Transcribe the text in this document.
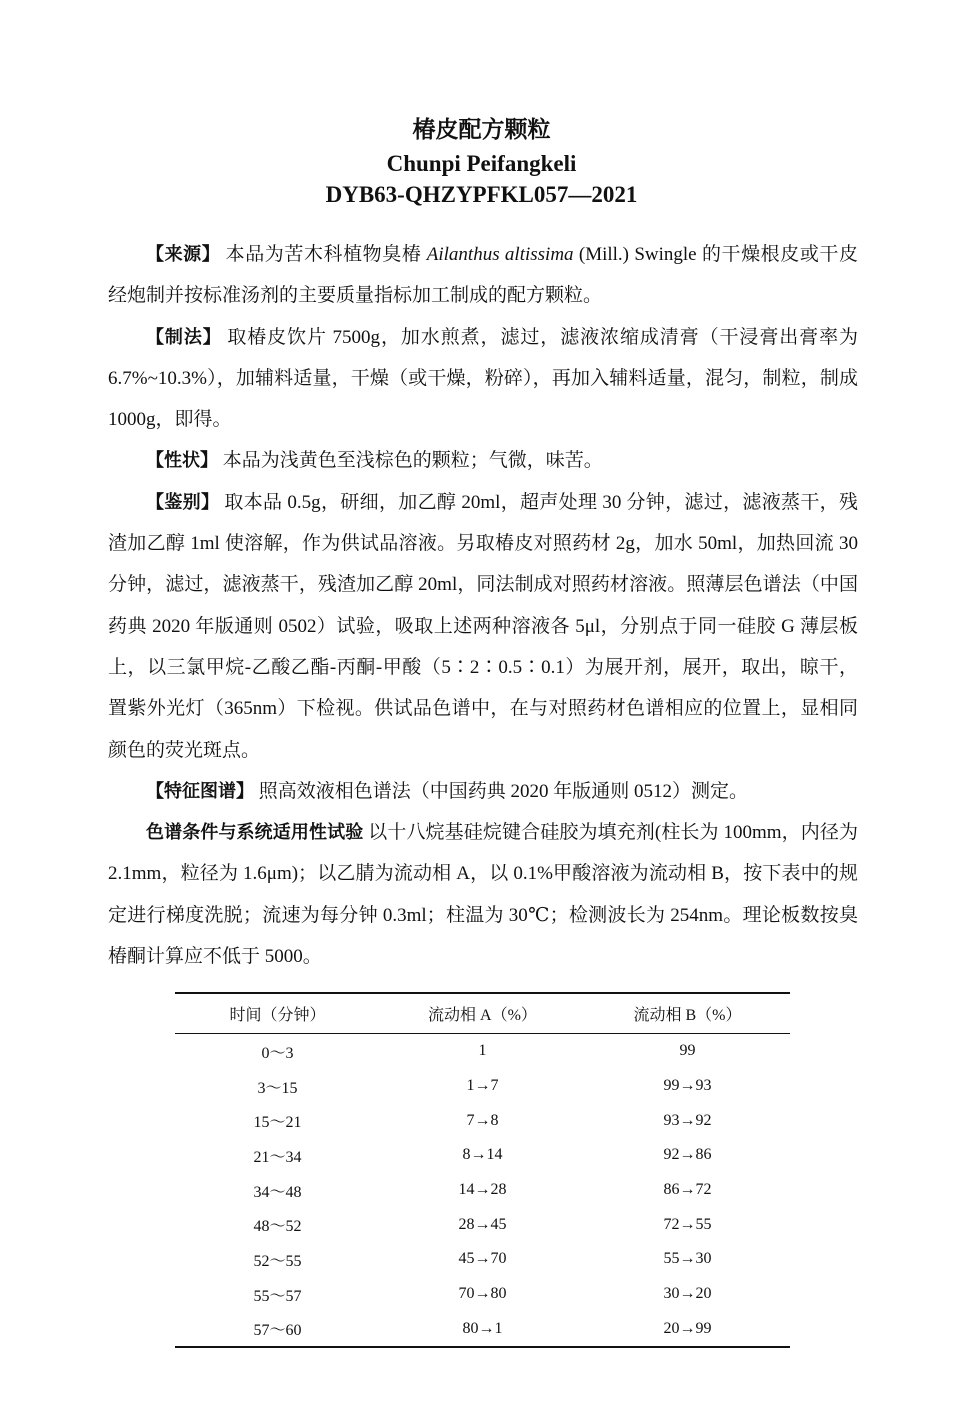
椿皮配方颗粒
Chunpi Peifangkeli
DYB63-QHZYPFKL057—2021

【来源】 本品为苦木科植物臭椿 Ailanthus altissima (Mill.) Swingle 的干燥根皮或干皮经炮制并按标准汤剂的主要质量指标加工制成的配方颗粒。

【制法】 取椿皮饮片 7500g，加水煎煮，滤过，滤液浓缩成清膏（干浸膏出膏率为 6.7%~10.3%），加辅料适量，干燥（或干燥，粉碎），再加入辅料适量，混匀，制粒，制成 1000g，即得。

【性状】 本品为浅黄色至浅棕色的颗粒；气微，味苦。

【鉴别】 取本品 0.5g，研细，加乙醇 20ml，超声处理 30 分钟，滤过，滤液蒸干，残渣加乙醇 1ml 使溶解，作为供试品溶液。另取椿皮对照药材 2g，加水 50ml，加热回流 30 分钟，滤过，滤液蒸干，残渣加乙醇 20ml，同法制成对照药材溶液。照薄层色谱法（中国药典 2020 年版通则 0502）试验，吸取上述两种溶液各 5μl，分别点于同一硅胶 G 薄层板上，以三氯甲烷-乙酸乙酯-丙酮-甲酸（5∶2∶0.5∶0.1）为展开剂，展开，取出，晾干，置紫外光灯（365nm）下检视。供试品色谱中，在与对照药材色谱相应的位置上，显相同颜色的荧光斑点。

【特征图谱】 照高效液相色谱法（中国药典 2020 年版通则 0512）测定。

色谱条件与系统适用性试验 以十八烷基硅烷键合硅胶为填充剂(柱长为 100mm，内径为 2.1mm，粒径为 1.6μm)；以乙腈为流动相 A，以 0.1%甲酸溶液为流动相 B，按下表中的规定进行梯度洗脱；流速为每分钟 0.3ml；柱温为 30℃；检测波长为 254nm。理论板数按臭椿酮计算应不低于 5000。

时间（分钟）	流动相 A（%）	流动相 B（%）
0～3	1	99
3～15	1→7	99→93
15～21	7→8	93→92
21～34	8→14	92→86
34～48	14→28	86→72
48～52	28→45	72→55
52～55	45→70	55→30
55～57	70→80	30→20
57～60	80→1	20→99
